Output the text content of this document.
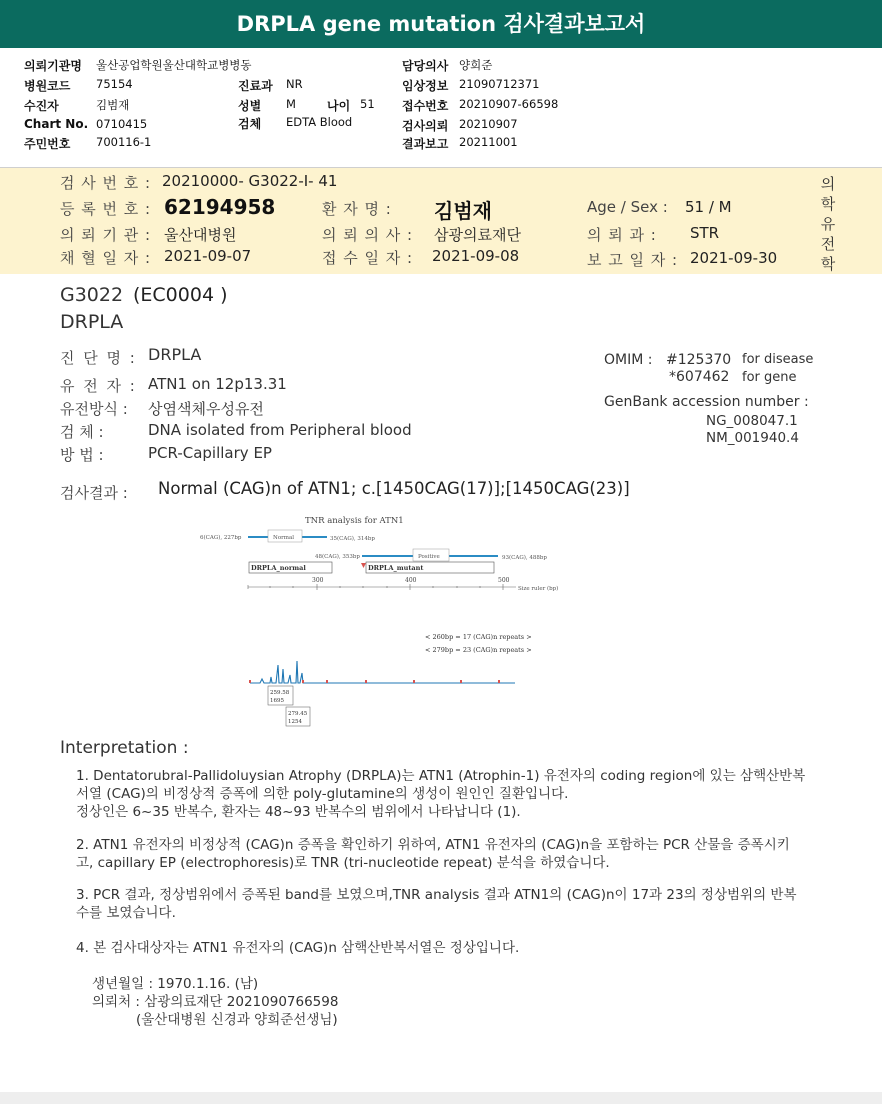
DRPLA gene mutation 검사결과보고서
의뢰기관명 울산공업학원울산대학교병병동
병원코드 75154
수진자	김범재
Chart No. 0710415
주민번호 700116-1
진료과 NR
성별 M	나이 51
검체 EDTA Blood
담당의사 양희준
임상정보 21090712371
접수번호 20210907-66598
검사의뢰 20210907
결과보고 20211001
검 사 번 호 : 20210000- G3022-I- 41
등 록 번 호 : 62194958	환 자 명 : 김범재	Age / Sex : 51 / M
의 뢰 기 관 : 울산대병원	의 뢰 의 사 : 삼광의료재단	의 뢰 과 : STR
채 혈 일 자 : 2021-09-07	접 수 일 자 : 2021-09-08	보 고 일 자 : 2021-09-30
의
학
유
전
학
G3022 (EC0004 )
DRPLA
진 단 명 : DRPLA
유 전 자 : ATN1 on 12p13.31
유전방식 : 상염색체우성유전
검 체 :	DNA isolated from Peripheral blood
방 법 :	PCR-Capillary EP
OMIM : #125370 for disease
*607462 for gene
GenBank accession number :
NG_008047.1
NM_001940.4
검사결과 : Normal (CAG)n of ATN1; c.[1450CAG(17)];[1450CAG(23)]
TNR analysis for ATN1
6(CAG), 227bp	Normal	35(CAG), 314bp
48(CAG), 353bp	Positive	93(CAG), 488bp
DRPLA_normal	DRPLA_mutant
300	400	500
Size ruler (bp)
< 260bp = 17 (CAG)n repeats >
< 279bp = 23 (CAG)n repeats >
259.58
1695
279.45
1254
Interpretation :
1. Dentatorubral-Pallidoluysian Atrophy (DRPLA)는 ATN1 (Atrophin-1) 유전자의 coding region에 있는 삼핵산반복서열 (CAG)의 비정상적 증폭에 의한 poly-glutamine의 생성이 원인인 질환입니다.
정상인은 6~35 반복수, 환자는 48~93 반복수의 범위에서 나타납니다 (1).
2. ATN1 유전자의 비정상적 (CAG)n 증폭을 확인하기 위하여, ATN1 유전자의 (CAG)n을 포함하는 PCR 산물을 증폭시키고, capillary EP (electrophoresis)로 TNR (tri-nucleotide repeat) 분석을 하였습니다.
3. PCR 결과, 정상범위에서 증폭된 band를 보였으며,TNR analysis 결과 ATN1의 (CAG)n이 17과 23의 정상범위의 반복수를 보였습니다.
4. 본 검사대상자는 ATN1 유전자의 (CAG)n 삼핵산반복서열은 정상입니다.
생년월일 : 1970.1.16. (남)
의뢰처 : 삼광의료재단 2021090766598
(울산대병원 신경과 양희준선생님)
